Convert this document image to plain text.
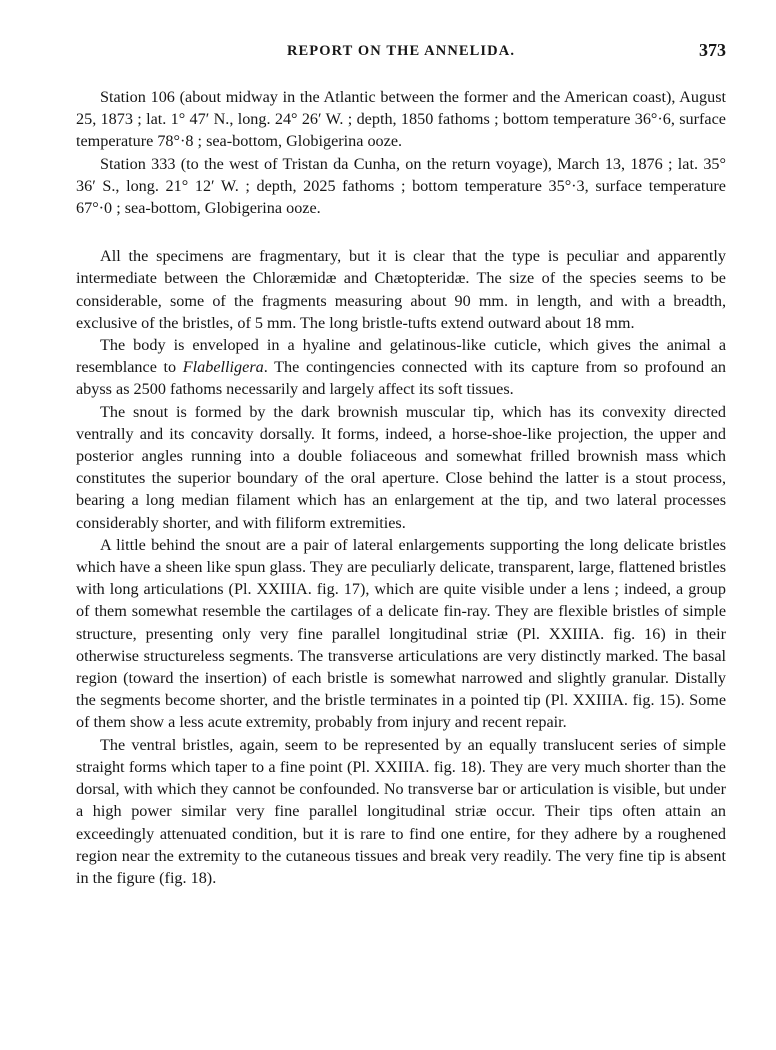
REPORT ON THE ANNELIDA.	373

Station 106 (about midway in the Atlantic between the former and the American coast), August 25, 1873 ; lat. 1° 47′ N., long. 24° 26′ W. ; depth, 1850 fathoms ; bottom temperature 36°·6, surface temperature 78°·8 ; sea-bottom, Globigerina ooze.

Station 333 (to the west of Tristan da Cunha, on the return voyage), March 13, 1876 ; lat. 35° 36′ S., long. 21° 12′ W. ; depth, 2025 fathoms ; bottom temperature 35°·3, surface temperature 67°·0 ; sea-bottom, Globigerina ooze.

All the specimens are fragmentary, but it is clear that the type is peculiar and apparently intermediate between the Chloræmidæ and Chætopteridæ. The size of the species seems to be considerable, some of the fragments measuring about 90 mm. in length, and with a breadth, exclusive of the bristles, of 5 mm. The long bristle-tufts extend outward about 18 mm.

The body is enveloped in a hyaline and gelatinous-like cuticle, which gives the animal a resemblance to Flabelligera. The contingencies connected with its capture from so profound an abyss as 2500 fathoms necessarily and largely affect its soft tissues.

The snout is formed by the dark brownish muscular tip, which has its convexity directed ventrally and its concavity dorsally. It forms, indeed, a horse-shoe-like projection, the upper and posterior angles running into a double foliaceous and somewhat frilled brownish mass which constitutes the superior boundary of the oral aperture. Close behind the latter is a stout process, bearing a long median filament which has an enlargement at the tip, and two lateral processes considerably shorter, and with filiform extremities.

A little behind the snout are a pair of lateral enlargements supporting the long delicate bristles which have a sheen like spun glass. They are peculiarly delicate, transparent, large, flattened bristles with long articulations (Pl. XXIIIA. fig. 17), which are quite visible under a lens ; indeed, a group of them somewhat resemble the cartilages of a delicate fin-ray. They are flexible bristles of simple structure, presenting only very fine parallel longitudinal striæ (Pl. XXIIIA. fig. 16) in their otherwise structureless segments. The transverse articulations are very distinctly marked. The basal region (toward the insertion) of each bristle is somewhat narrowed and slightly granular. Distally the segments become shorter, and the bristle terminates in a pointed tip (Pl. XXIIIA. fig. 15). Some of them show a less acute extremity, probably from injury and recent repair.

The ventral bristles, again, seem to be represented by an equally translucent series of simple straight forms which taper to a fine point (Pl. XXIIIA. fig. 18). They are very much shorter than the dorsal, with which they cannot be confounded. No transverse bar or articulation is visible, but under a high power similar very fine parallel longitudinal striæ occur. Their tips often attain an exceedingly attenuated condition, but it is rare to find one entire, for they adhere by a roughened region near the extremity to the cutaneous tissues and break very readily. The very fine tip is absent in the figure (fig. 18).
